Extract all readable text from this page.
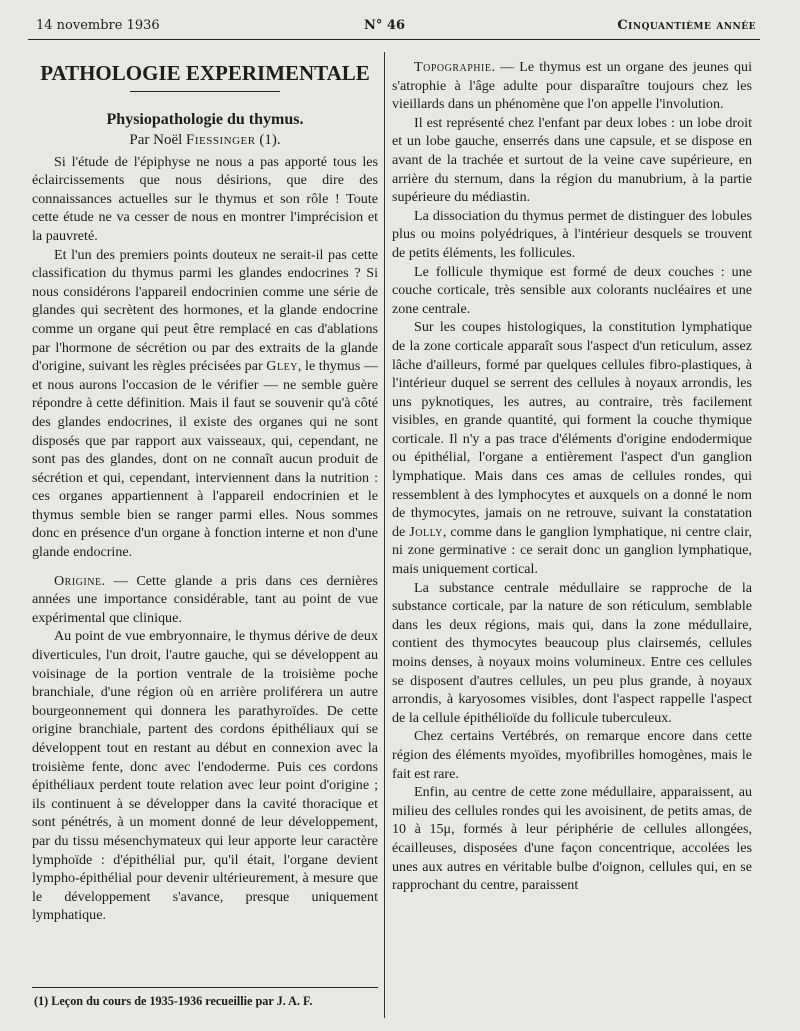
14 novembre 1936	N° 46	Cinquantième année
PATHOLOGIE EXPERIMENTALE
Physiopathologie du thymus.
Par Noël Fiessinger (1).

Si l'étude de l'épiphyse ne nous a pas apporté tous les éclaircissements que nous désirions, que dire des connaissances actuelles sur le thymus et son rôle ! Toute cette étude ne va cesser de nous en montrer l'imprécision et la pauvreté.

Et l'un des premiers points douteux ne serait-il pas cette classification du thymus parmi les glandes endocrines ? Si nous considérons l'appareil endocrinien comme une série de glandes qui secrètent des hormones, et la glande endocrine comme un organe qui peut être remplacé en cas d'ablations par l'hormone de sécrétion ou par des extraits de la glande d'origine, suivant les règles précisées par Gley, le thymus — et nous aurons l'occasion de le vérifier — ne semble guère répondre à cette définition. Mais il faut se souvenir qu'à côté des glandes endocrines, il existe des organes qui ne sont disposés que par rapport aux vaisseaux, qui, cependant, ne sont pas des glandes, dont on ne connaît aucun produit de sécrétion et qui, cependant, interviennent dans la nutrition : ces organes appartiennent à l'appareil endocrinien et le thymus semble bien se ranger parmi elles. Nous sommes donc en présence d'un organe à fonction interne et non d'une glande endocrine.

Origine. — Cette glande a pris dans ces dernières années une importance considérable, tant au point de vue expérimental que clinique.

Au point de vue embryonnaire, le thymus dérive de deux diverticules, l'un droit, l'autre gauche, qui se développent au voisinage de la portion ventrale de la troisième poche branchiale, d'une région où en arrière proliférera un autre bourgeonnement qui donnera les parathyroïdes. De cette origine branchiale, partent des cordons épithéliaux qui se développent tout en restant au début en connexion avec la troisième fente, donc avec l'endoderme. Puis ces cordons épithéliaux perdent toute relation avec leur point d'origine ; ils continuent à se développer dans la cavité thoracique et sont pénétrés, à un moment donné de leur développement, par du tissu mésenchymateux qui leur apporte leur caractère lymphoïde : d'épithélial pur, qu'il était, l'organe devient lympho-épithélial pour devenir ultérieurement, à mesure que le développement s'avance, presque uniquement lymphatique.

Topographie. — Le thymus est un organe des jeunes qui s'atrophie à l'âge adulte pour disparaître toujours chez les vieillards dans un phénomène que l'on appelle l'involution.

Il est représenté chez l'enfant par deux lobes : un lobe droit et un lobe gauche, enserrés dans une capsule, et se dispose en avant de la trachée et surtout de la veine cave supérieure, en arrière du sternum, dans la région du manubrium, à la partie supérieure du médiastin.

La dissociation du thymus permet de distinguer des lobules plus ou moins polyédriques, à l'intérieur desquels se trouvent de petits éléments, les follicules.

Le follicule thymique est formé de deux couches : une couche corticale, très sensible aux colorants nucléaires et une zone centrale.

Sur les coupes histologiques, la constitution lymphatique de la zone corticale apparaît sous l'aspect d'un reticulum, assez lâche d'ailleurs, formé par quelques cellules fibro-plastiques, à l'intérieur duquel se serrent des cellules à noyaux arrondis, les uns pyknotiques, les autres, au contraire, très facilement visibles, en grande quantité, qui forment la couche thymique corticale. Il n'y a pas trace d'éléments d'origine endodermique ou épithélial, l'organe a entièrement l'aspect d'un ganglion lymphatique. Mais dans ces amas de cellules rondes, qui ressemblent à des lymphocytes et auxquels on a donné le nom de thymocytes, jamais on ne retrouve, suivant la constatation de Jolly, comme dans le ganglion lymphatique, ni centre clair, ni zone germinative : ce serait donc un ganglion lymphatique, mais uniquement cortical.

La substance centrale médullaire se rapproche de la substance corticale, par la nature de son réticulum, semblable dans les deux régions, mais qui, dans la zone médullaire, contient des thymocytes beaucoup plus clairsemés, cellules moins denses, à noyaux moins volumineux. Entre ces cellules se disposent d'autres cellules, un peu plus grande, à noyaux arrondis, à karyosomes visibles, dont l'aspect rappelle l'aspect de la cellule épithélioïde du follicule tuberculeux.

Chez certains Vertébrés, on remarque encore dans cette région des éléments myoïdes, myofibrilles homogènes, mais le fait est rare.

Enfin, au centre de cette zone médullaire, apparaissent, au milieu des cellules rondes qui les avoisinent, de petits amas, de 10 à 15μ, formés à leur périphérie de cellules allongées, écailleuses, disposées d'une façon concentrique, accolées les unes aux autres en véritable bulbe d'oignon, cellules qui, en se rapprochant du centre, paraissent

(1) Leçon du cours de 1935-1936 recueillie par J. A. F.
